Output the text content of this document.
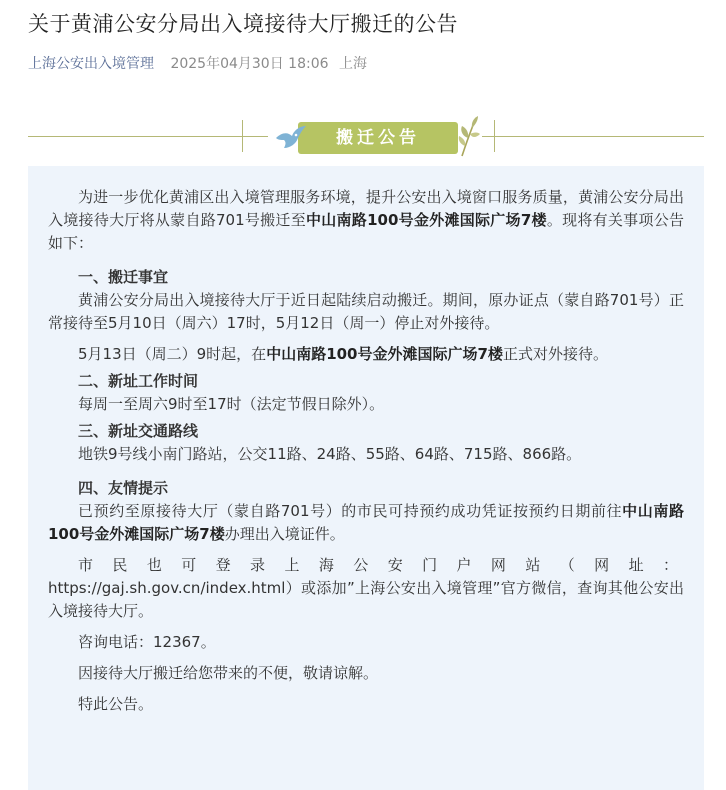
关于黄浦公安分局出入境接待大厅搬迁的公告
上海公安出入境管理 2025年04月30日 18:06 上海
搬迁公告

为进一步优化黄浦区出入境管理服务环境，提升公安出入境窗口服务质量，黄浦公安分局出入境接待大厅将从蒙自路701号搬迁至中山南路100号金外滩国际广场7楼。现将有关事项公告如下：

一、搬迁事宜

黄浦公安分局出入境接待大厅于近日起陆续启动搬迁。期间，原办证点（蒙自路701号）正常接待至5月10日（周六）17时，5月12日（周一）停止对外接待。

5月13日（周二）9时起，在中山南路100号金外滩国际广场7楼正式对外接待。

二、新址工作时间

每周一至周六9时至17时（法定节假日除外）。

三、新址交通路线

地铁9号线小南门路站，公交11路、24路、55路、64路、715路、866路。

四、友情提示

已预约至原接待大厅（蒙自路701号）的市民可持预约成功凭证按预约日期前往中山南路100号金外滩国际广场7楼办理出入境证件。

市民也可登录上海公安门户网站（网址：https://gaj.sh.gov.cn/index.html）或添加”上海公安出入境管理”官方微信，查询其他公安出入境接待大厅。

咨询电话：12367。

因接待大厅搬迁给您带来的不便，敬请谅解。

特此公告。
